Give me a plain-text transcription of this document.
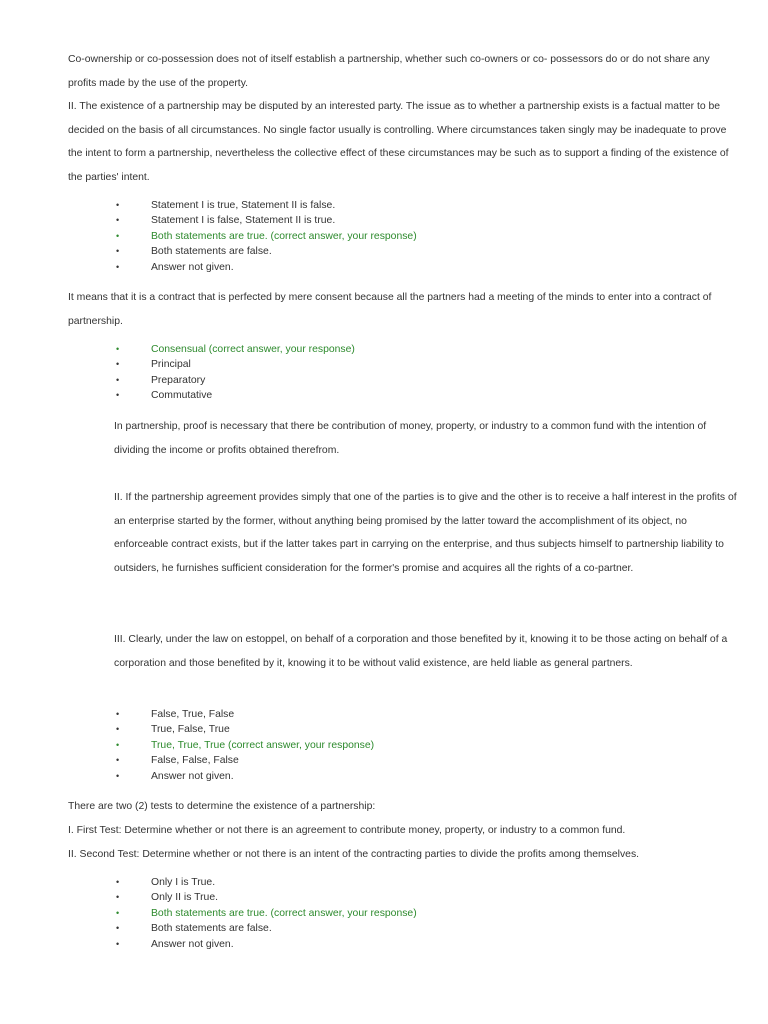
Co-ownership or co-possession does not of itself establish a partnership, whether such co-owners or co- possessors do or do not share any profits made by the use of the property.

II. The existence of a partnership may be disputed by an interested party. The issue as to whether a partnership exists is a factual matter to be decided on the basis of all circumstances. No single factor usually is controlling. Where circumstances taken singly may be inadequate to prove the intent to form a partnership, nevertheless the collective effect of these circumstances may be such as to support a finding of the existence of the parties' intent.

•	Statement I is true, Statement II is false.
•	Statement I is false, Statement II is true.
•	Both statements are true. (correct answer, your response)
•	Both statements are false.
•	Answer not given.

It means that it is a contract that is perfected by mere consent because all the partners had a meeting of the minds to enter into a contract of partnership.

•	Consensual (correct answer, your response)
•	Principal
•	Preparatory
•	Commutative

In partnership, proof is necessary that there be contribution of money, property, or industry to a common fund with the intention of dividing the income or profits obtained therefrom.

II. If the partnership agreement provides simply that one of the parties is to give and the other is to receive a half interest in the profits of an enterprise started by the former, without anything being promised by the latter toward the accomplishment of its object, no enforceable contract exists, but if the latter takes part in carrying on the enterprise, and thus subjects himself to partnership liability to outsiders, he furnishes sufficient consideration for the former's promise and acquires all the rights of a co-partner.

III. Clearly, under the law on estoppel, on behalf of a corporation and those benefited by it, knowing it to be those acting on behalf of a corporation and those benefited by it, knowing it to be without valid existence, are held liable as general partners.

•	False, True, False
•	True, False, True
•	True, True, True (correct answer, your response)
•	False, False, False
•	Answer not given.

There are two (2) tests to determine the existence of a partnership:

I. First Test: Determine whether or not there is an agreement to contribute money, property, or industry to a common fund.

II. Second Test: Determine whether or not there is an intent of the contracting parties to divide the profits among themselves.

•	Only I is True.
•	Only II is True.
•	Both statements are true. (correct answer, your response)
•	Both statements are false.
•	Answer not given.
